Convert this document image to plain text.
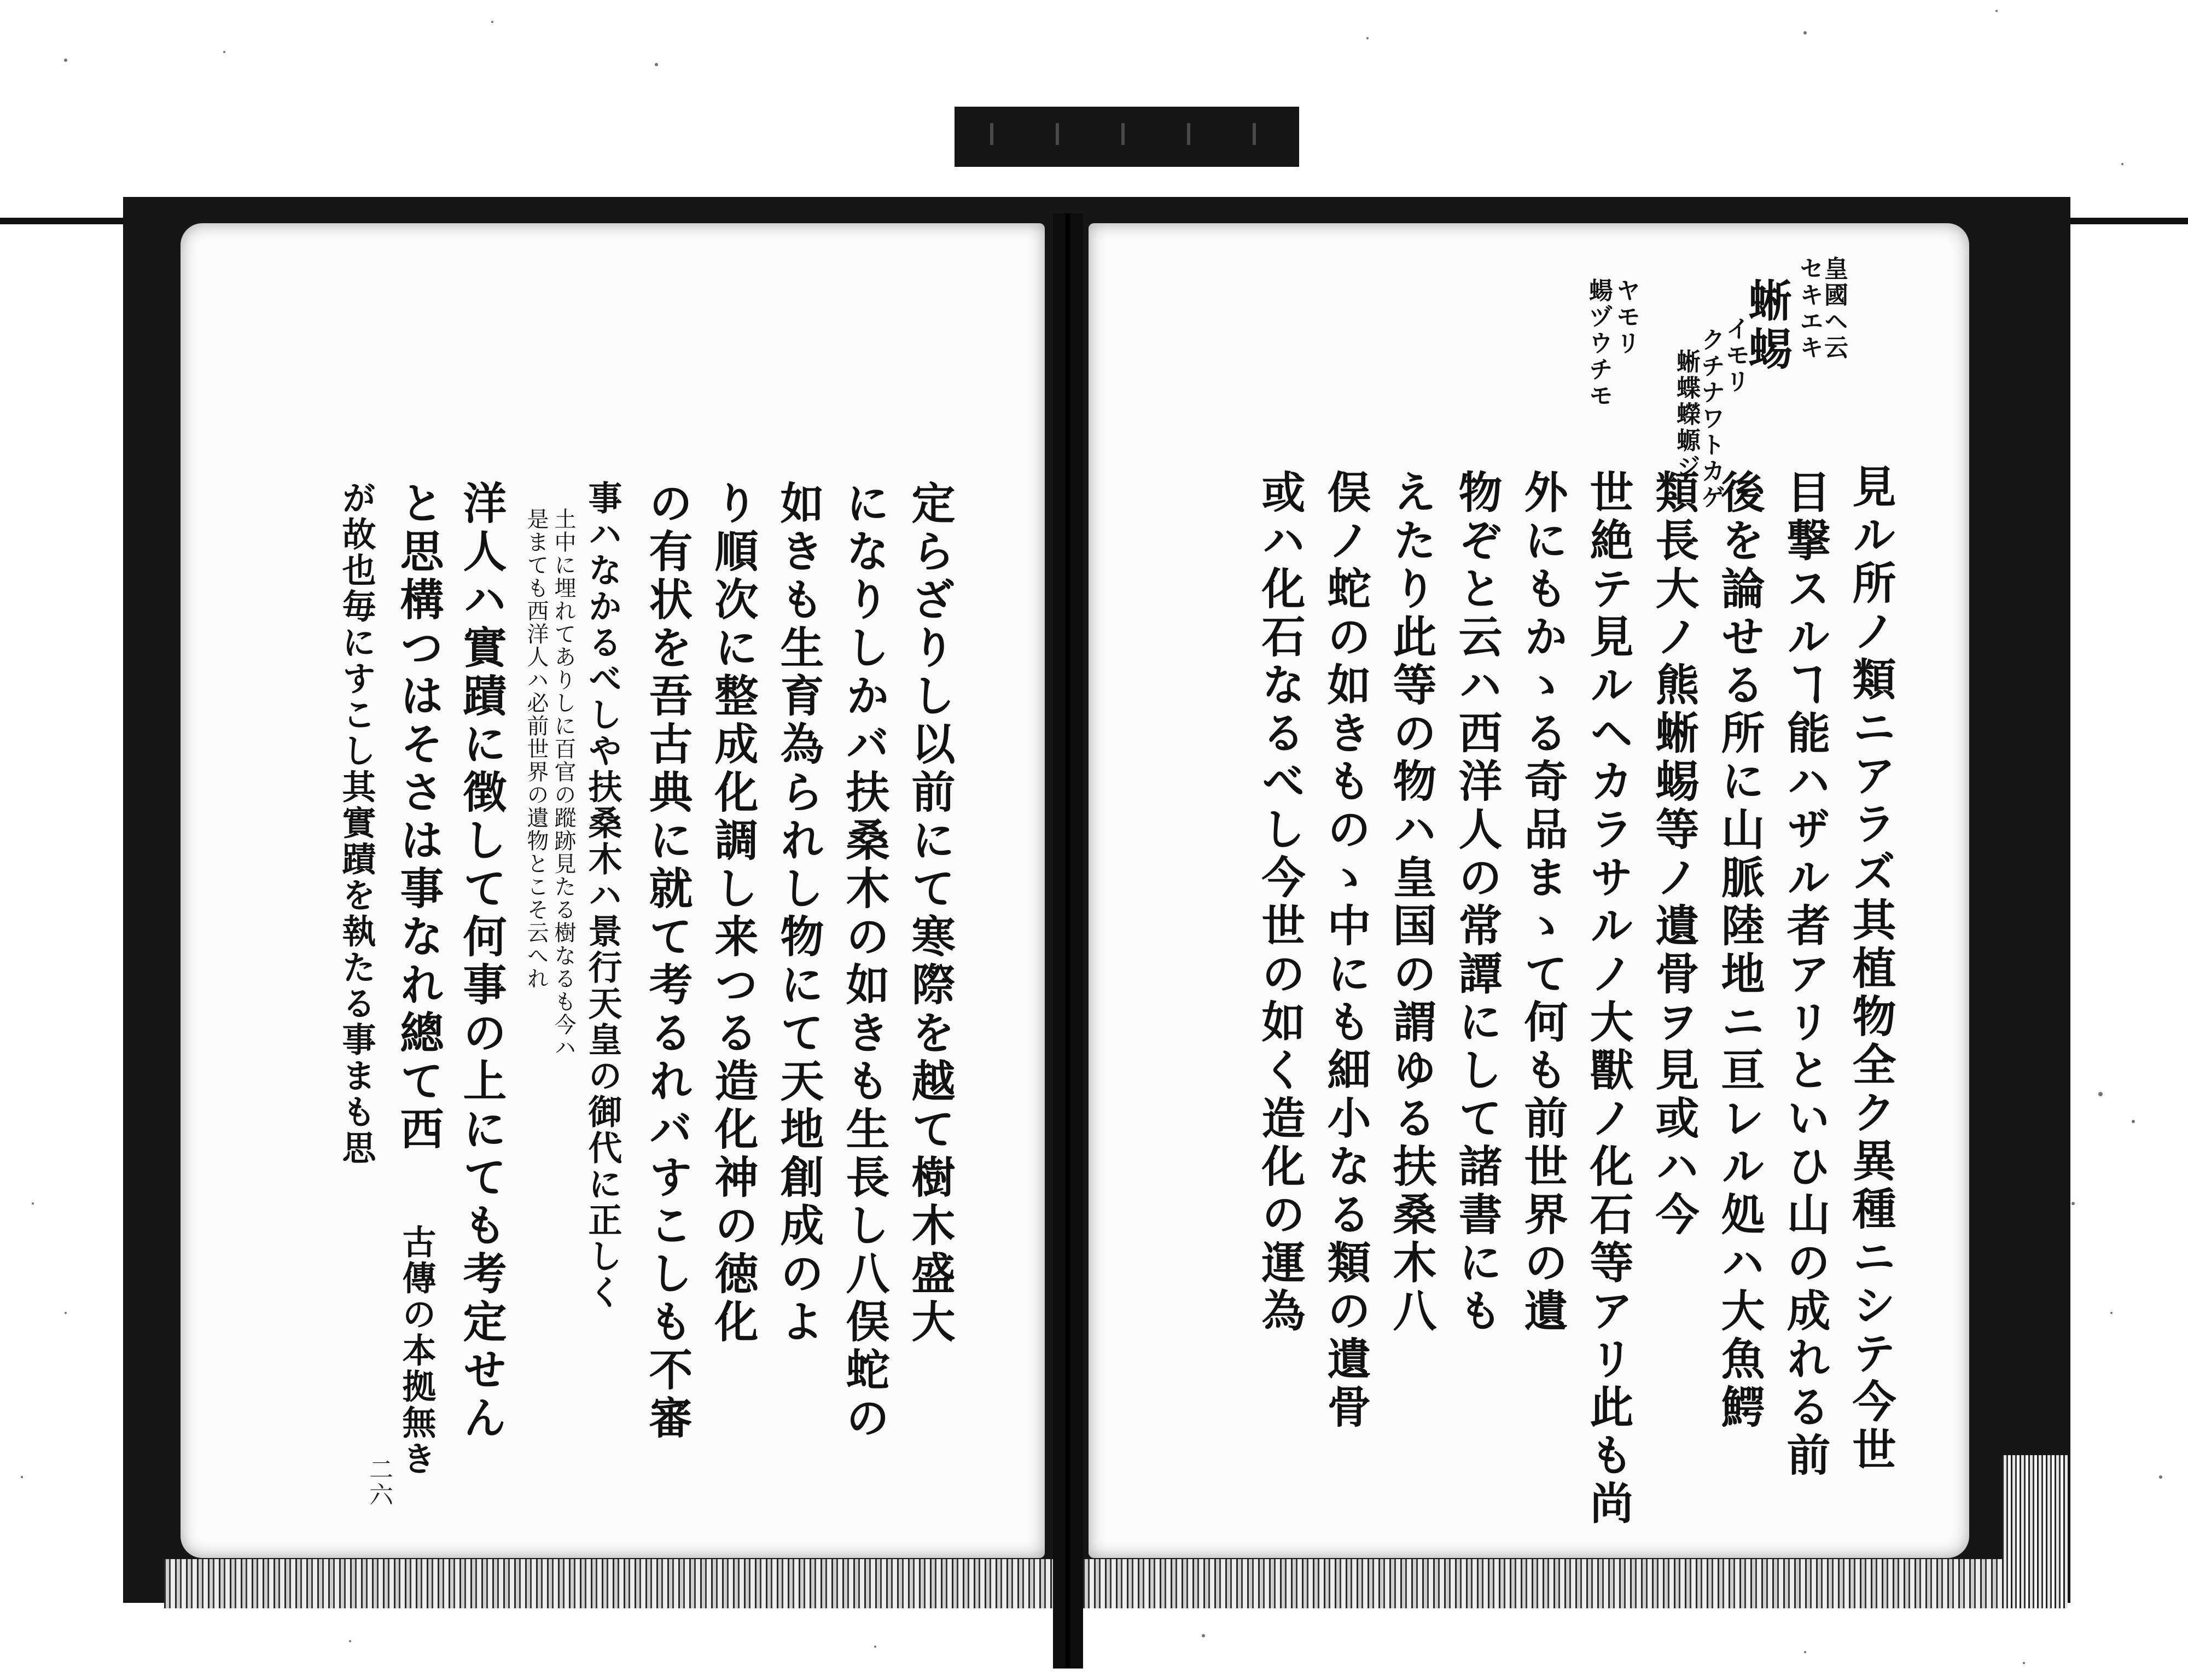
定らざりし以前にて寒際を越て樹木盛大
になりしかバ扶桑木の如きも生長し八俣蛇の
如きも生育為られし物にて天地創成のよ
り順次に整成化調し来つる造化神の徳化
の有状を吾古典に就て考るれバすこしも不審
事ハなかるべしや扶桑木ハ景行天皇の御代に正しく
土中に埋れてありしに百官の蹤跡見たる樹なるも今ハ
是まても西洋人ハ必前世界の遺物とこそ云へれ
洋人ハ實蹟に徴して何事の上にても考定せん
と思構つはそさは事なれ總て西
が故也毎にすこし其實蹟を執たる事まも思
古傳の本拠無き
二六
皇國ヘ云
セキエキ
蜥蜴
イモリ
クチナワトカゲ
蜥蝶蠑螈ジ
ヤモリ
蝪ヅウチモ
見ル所ノ類ニアラズ其植物全ク異種ニシテ今世
目撃スルヿ能ハザル者アリといひ山の成れる前
後を論せる所に山脈陸地ニ亘レル処ハ大魚鰐
類長大ノ熊蜥蜴等ノ遺骨ヲ見或ハ今
世絶テ見ルヘカラサルノ大獸ノ化石等アリ此も尚
外にもかゝる奇品まゝて何も前世界の遺
物ぞと云ハ西洋人の常譚にして諸書にも
えたり此等の物ハ皇国の謂ゆる扶桑木八
俣ノ蛇の如きものゝ中にも細小なる類の遺骨
或ハ化石なるべし今世の如く造化の運為
